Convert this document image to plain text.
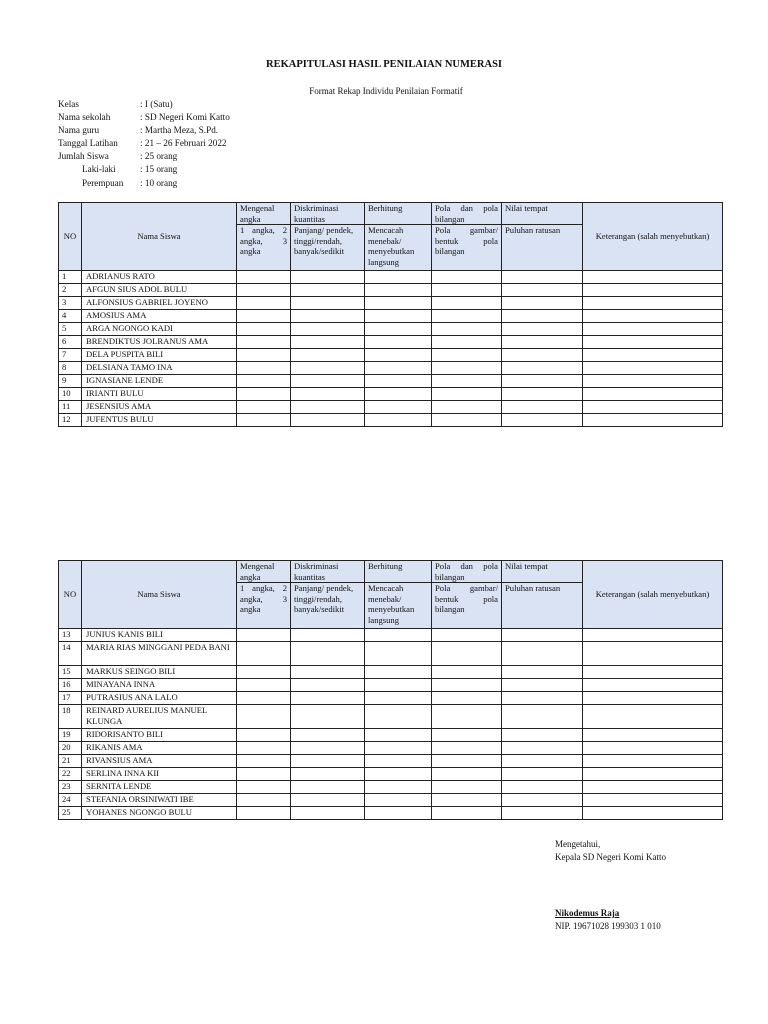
REKAPITULASI HASIL PENILAIAN NUMERASI
Format Rekap Individu Penilaian Formatif
Kelas	: I (Satu)
Nama sekolah	: SD Negeri Komi Katto
Nama guru	: Martha Meza, S.Pd.
Tanggal Latihan : 21 – 26 Februari 2022
Jumlah Siswa	: 25 orang
Laki-laki	: 15 orang
Perempuan : 10 orang
NO	Nama Siswa	Mengenal angka	Diskriminasi kuantitas	Berhitung	Pola dan pola bilangan	Nilai tempat	Keterangan (salah menyebutkan)
		1 angka, 2 angka, 3 angka	Panjang/ pendek, tinggi/rendah, banyak/sedikit	Mencacah menebak/ menyebutkan langsung	Pola gambar/ bentuk pola bilangan	Puluhan ratusan	
1	ADRIANUS RATO						
2	AFGUN SIUS ADOL BULU						
3	ALFONSIUS GABRIEL JOYENO						
4	AMOSIUS AMA						
5	ARGA NGONGO KADI						
6	BRENDIKTUS JOLRANUS AMA						
7	DELA PUSPITA BILI						
8	DELSIANA TAMO INA						
9	IGNASIANE LENDE						
10	IRIANTI BULU						
11	JESENSIUS AMA						
12	JUFENTUS BULU						
NO	Nama Siswa	Mengenal angka	Diskriminasi kuantitas	Berhitung	Pola dan pola bilangan	Nilai tempat	Keterangan (salah menyebutkan)
		1 angka, 2 angka, 3 angka	Panjang/ pendek, tinggi/rendah, banyak/sedikit	Mencacah menebak/ menyebutkan langsung	Pola gambar/ bentuk pola bilangan	Puluhan ratusan	
13	JUNIUS KANIS BILI						
14	MARIA RIAS MINGGANI PEDA BANI						
15	MARKUS SEINGO BILI						
16	MINAYANA INNA						
17	PUTRASIUS ANA LALO						
18	REINARD AURELIUS MANUEL KLUNGA						
19	RIDORISANTO BILI						
20	RIKANIS AMA						
21	RIVANSIUS AMA						
22	SERLINA INNA KII						
23	SERNITA LENDE						
24	STEFANIA ORSINIWATI IBE						
25	YOHANES NGONGO BULU						
Mengetahui,
Kepala SD Negeri Komi Katto
Nikodemus Raja
NIP. 19671028 199303 1 010
